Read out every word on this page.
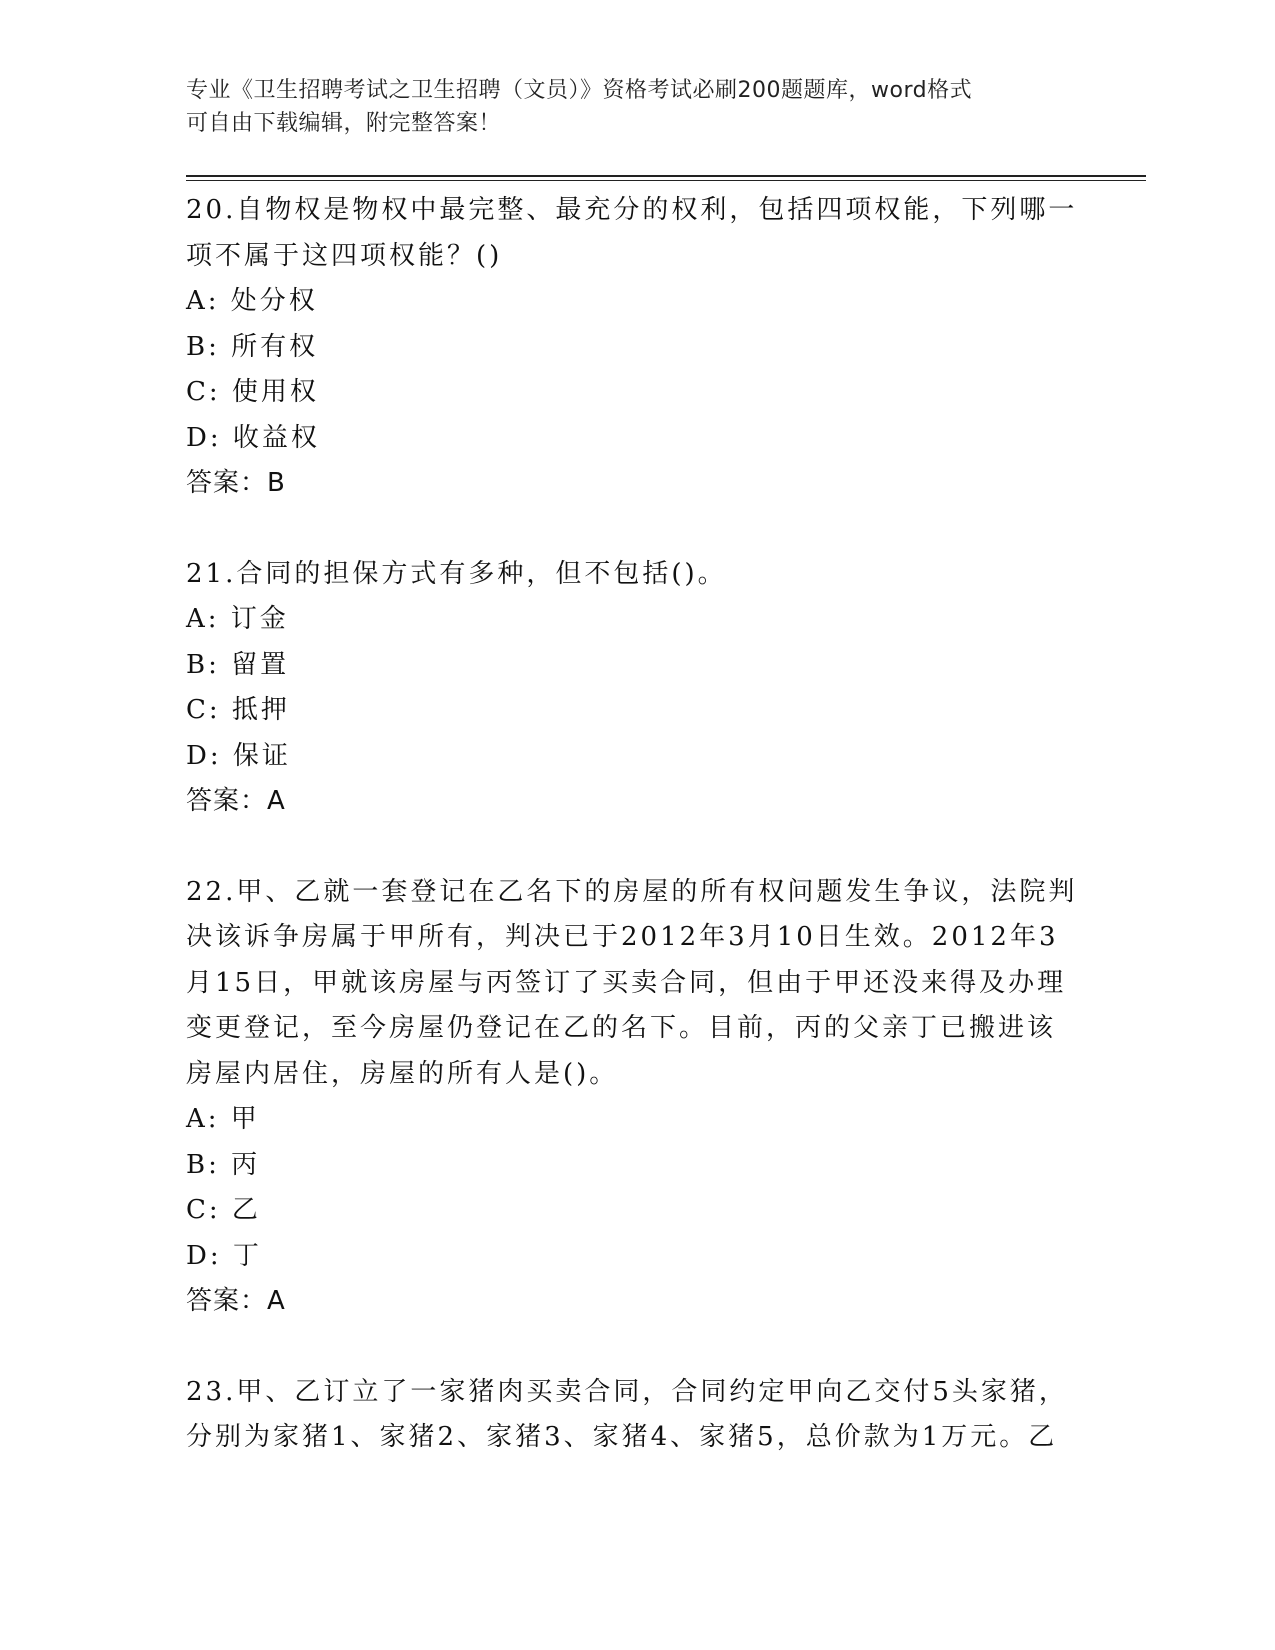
专业《卫生招聘考试之卫生招聘（文员）》资格考试必刷200题题库，word格式
可自由下载编辑，附完整答案！
20.自物权是物权中最完整、最充分的权利，包括四项权能，下列哪一
项不属于这四项权能？()
A: 处分权
B: 所有权
C: 使用权
D: 收益权
答案：B
21.合同的担保方式有多种，但不包括()。
A: 订金
B: 留置
C: 抵押
D: 保证
答案：A
22.甲、乙就一套登记在乙名下的房屋的所有权问题发生争议，法院判
决该诉争房属于甲所有，判决已于2012年3月10日生效。2012年3
月15日，甲就该房屋与丙签订了买卖合同，但由于甲还没来得及办理
变更登记，至今房屋仍登记在乙的名下。目前，丙的父亲丁已搬进该
房屋内居住，房屋的所有人是()。
A: 甲
B: 丙
C: 乙
D: 丁
答案：A
23.甲、乙订立了一家猪肉买卖合同，合同约定甲向乙交付5头家猪，
分别为家猪1、家猪2、家猪3、家猪4、家猪5，总价款为1万元。乙
